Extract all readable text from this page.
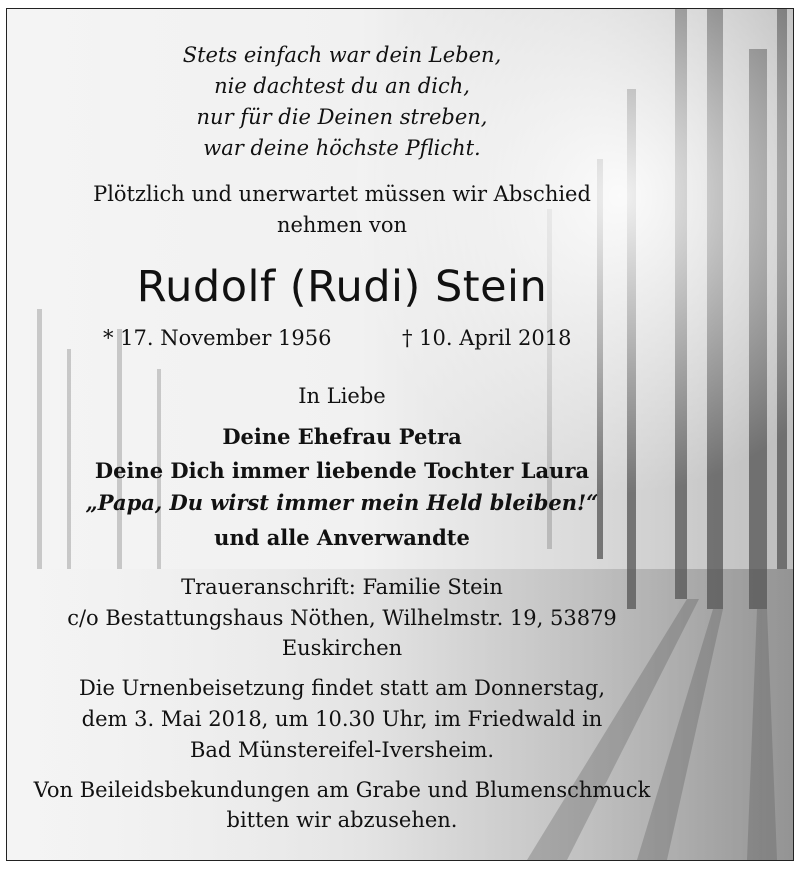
Stets einfach war dein Leben,
nie dachtest du an dich,
nur für die Deinen streben,
war deine höchste Pflicht.
Plötzlich und unerwartet müssen wir Abschied
nehmen von
Rudolf (Rudi) Stein
* 17. November 1956	† 10. April 2018
In Liebe
Deine Ehefrau Petra
Deine Dich immer liebende Tochter Laura
„Papa, Du wirst immer mein Held bleiben!“
und alle Anverwandte
Traueranschrift: Familie Stein
c/o Bestattungshaus Nöthen, Wilhelmstr. 19, 53879
Euskirchen
Die Urnenbeisetzung findet statt am Donnerstag,
dem 3. Mai 2018, um 10.30 Uhr, im Friedwald in
Bad Münstereifel-Iversheim.
Von Beileidsbekundungen am Grabe und Blumenschmuck
bitten wir abzusehen.
